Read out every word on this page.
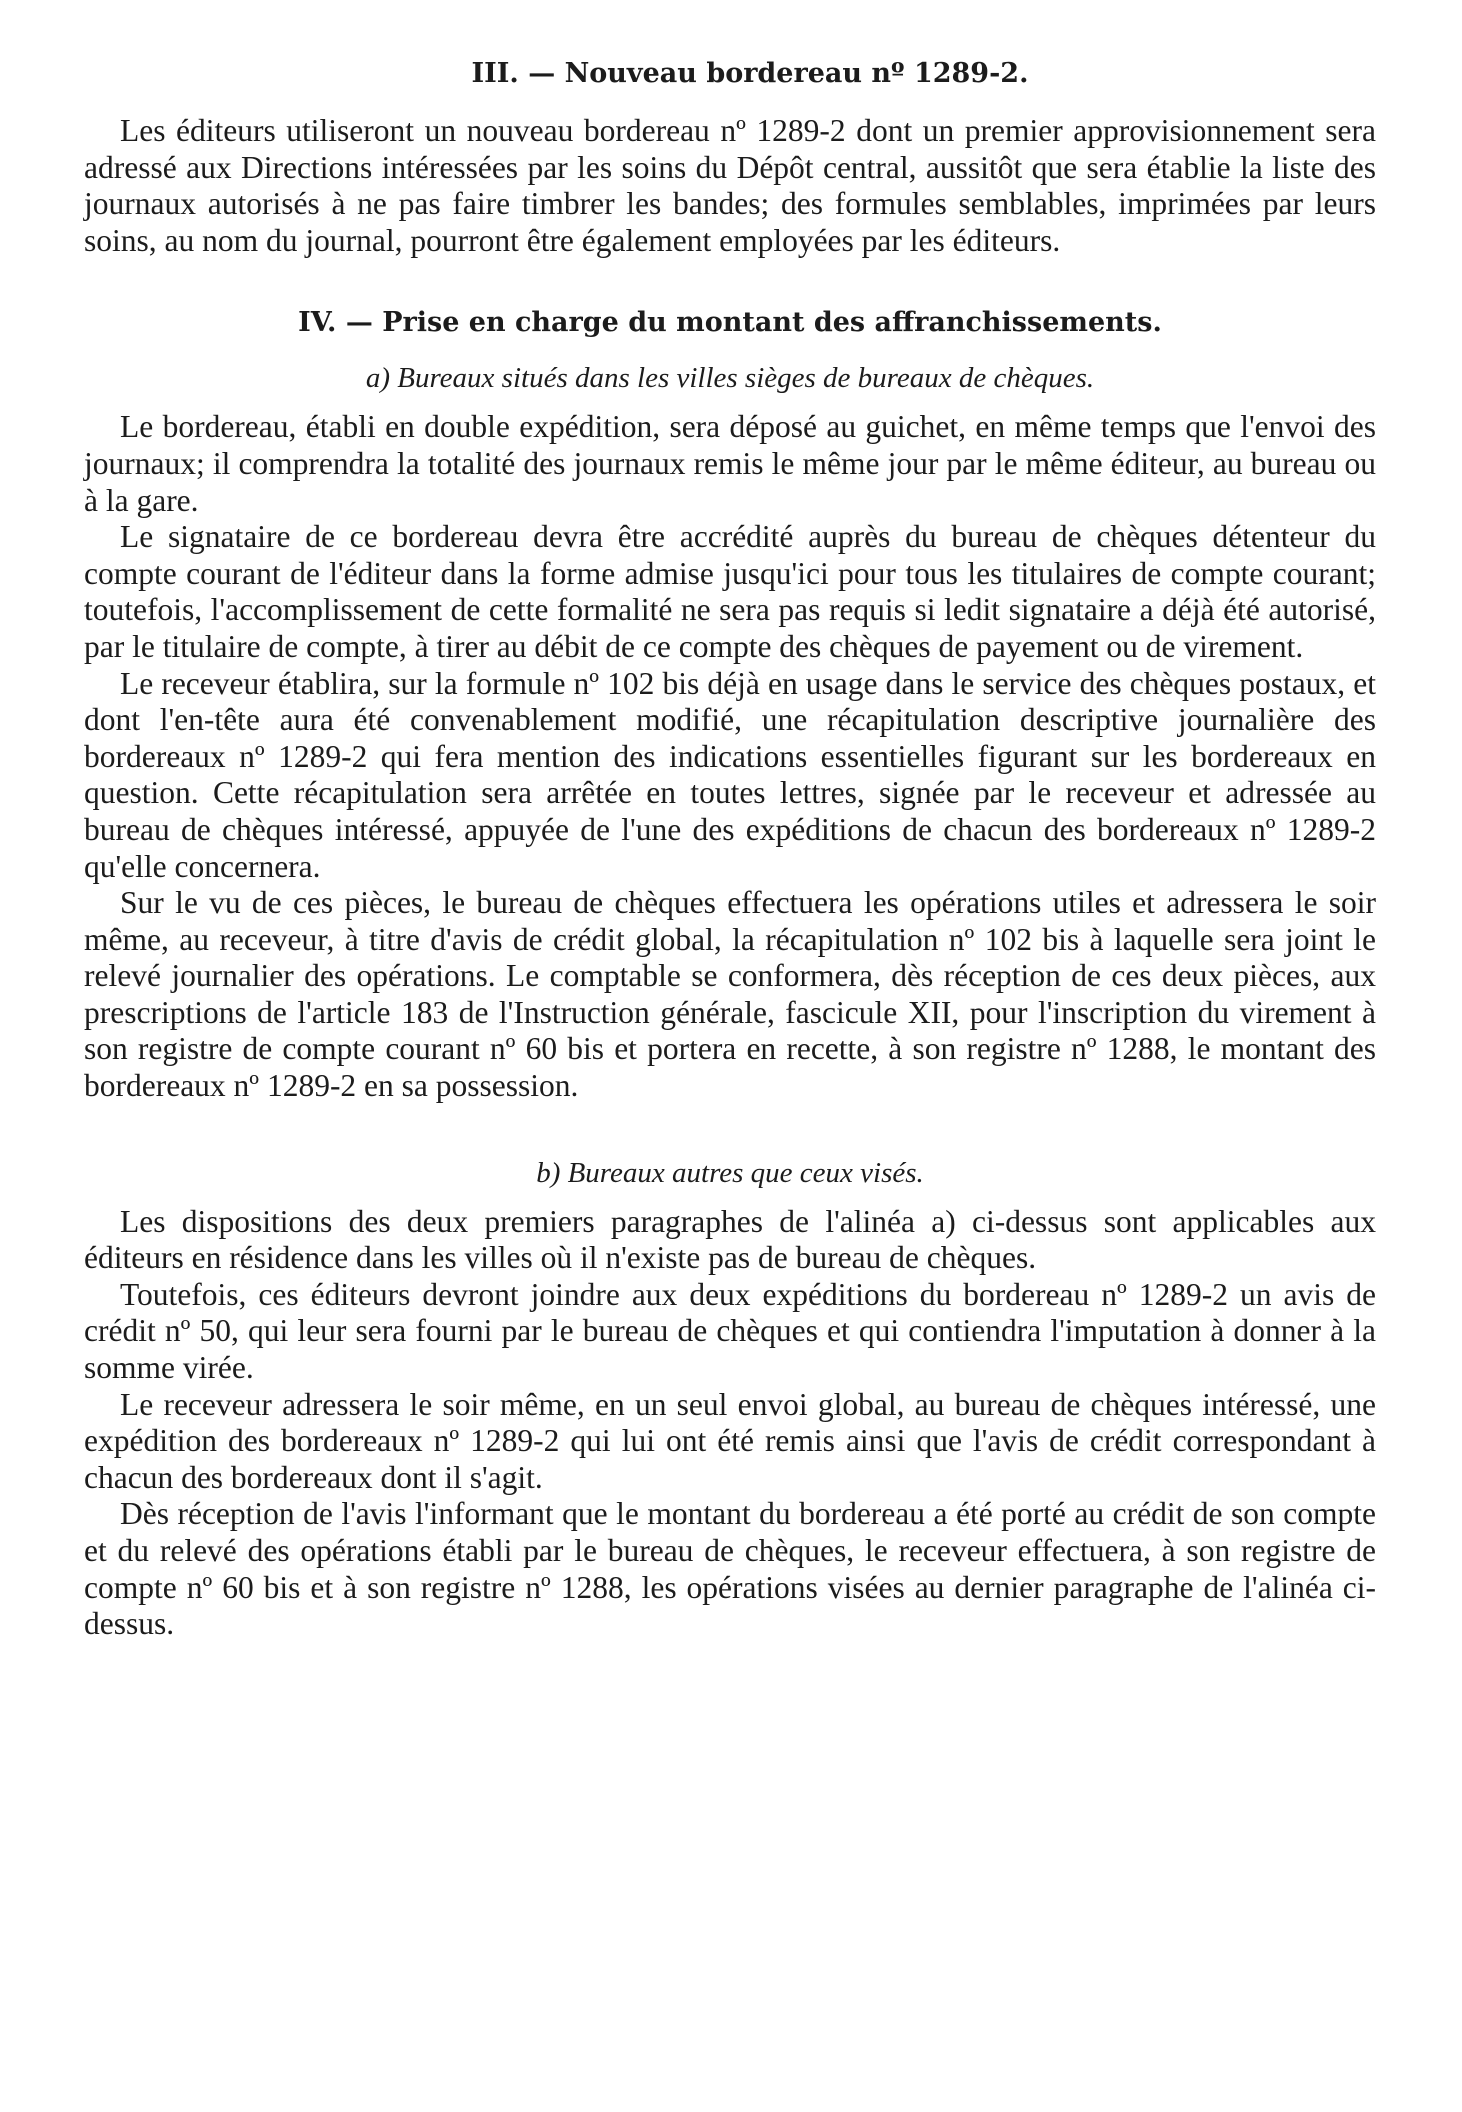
III. — Nouveau bordereau nº 1289-2.

Les éditeurs utiliseront un nouveau bordereau nº 1289-2 dont un premier approvisionnement sera adressé aux Directions intéressées par les soins du Dépôt central, aussitôt que sera établie la liste des journaux autorisés à ne pas faire timbrer les bandes; des formules semblables, imprimées par leurs soins, au nom du journal, pourront être également employées par les éditeurs.

IV. — Prise en charge du montant des affranchissements.
a) Bureaux situés dans les villes sièges de bureaux de chèques.

Le bordereau, établi en double expédition, sera déposé au guichet, en même temps que l'envoi des journaux; il comprendra la totalité des journaux remis le même jour par le même éditeur, au bureau ou à la gare.

Le signataire de ce bordereau devra être accrédité auprès du bureau de chèques détenteur du compte courant de l'éditeur dans la forme admise jusqu'ici pour tous les titulaires de compte courant; toutefois, l'accomplissement de cette formalité ne sera pas requis si ledit signataire a déjà été autorisé, par le titulaire de compte, à tirer au débit de ce compte des chèques de payement ou de virement.

Le receveur établira, sur la formule nº 102 bis déjà en usage dans le service des chèques postaux, et dont l'en-tête aura été convenablement modifié, une récapitulation descriptive journalière des bordereaux nº 1289-2 qui fera mention des indications essentielles figurant sur les bordereaux en question. Cette récapitulation sera arrêtée en toutes lettres, signée par le receveur et adressée au bureau de chèques intéressé, appuyée de l'une des expéditions de chacun des bordereaux nº 1289-2 qu'elle concernera.

Sur le vu de ces pièces, le bureau de chèques effectuera les opérations utiles et adressera le soir même, au receveur, à titre d'avis de crédit global, la récapitulation nº 102 bis à laquelle sera joint le relevé journalier des opérations. Le comptable se conformera, dès réception de ces deux pièces, aux prescriptions de l'article 183 de l'Instruction générale, fascicule XII, pour l'inscription du virement à son registre de compte courant nº 60 bis et portera en recette, à son registre nº 1288, le montant des bordereaux nº 1289-2 en sa possession.

b) Bureaux autres que ceux visés.

Les dispositions des deux premiers paragraphes de l'alinéa a) ci-dessus sont applicables aux éditeurs en résidence dans les villes où il n'existe pas de bureau de chèques.

Toutefois, ces éditeurs devront joindre aux deux expéditions du bordereau nº 1289-2 un avis de crédit nº 50, qui leur sera fourni par le bureau de chèques et qui contiendra l'imputation à donner à la somme virée.

Le receveur adressera le soir même, en un seul envoi global, au bureau de chèques intéressé, une expédition des bordereaux nº 1289-2 qui lui ont été remis ainsi que l'avis de crédit correspondant à chacun des bordereaux dont il s'agit.

Dès réception de l'avis l'informant que le montant du bordereau a été porté au crédit de son compte et du relevé des opérations établi par le bureau de chèques, le receveur effectuera, à son registre de compte nº 60 bis et à son registre nº 1288, les opérations visées au dernier paragraphe de l'alinéa ci-dessus.
